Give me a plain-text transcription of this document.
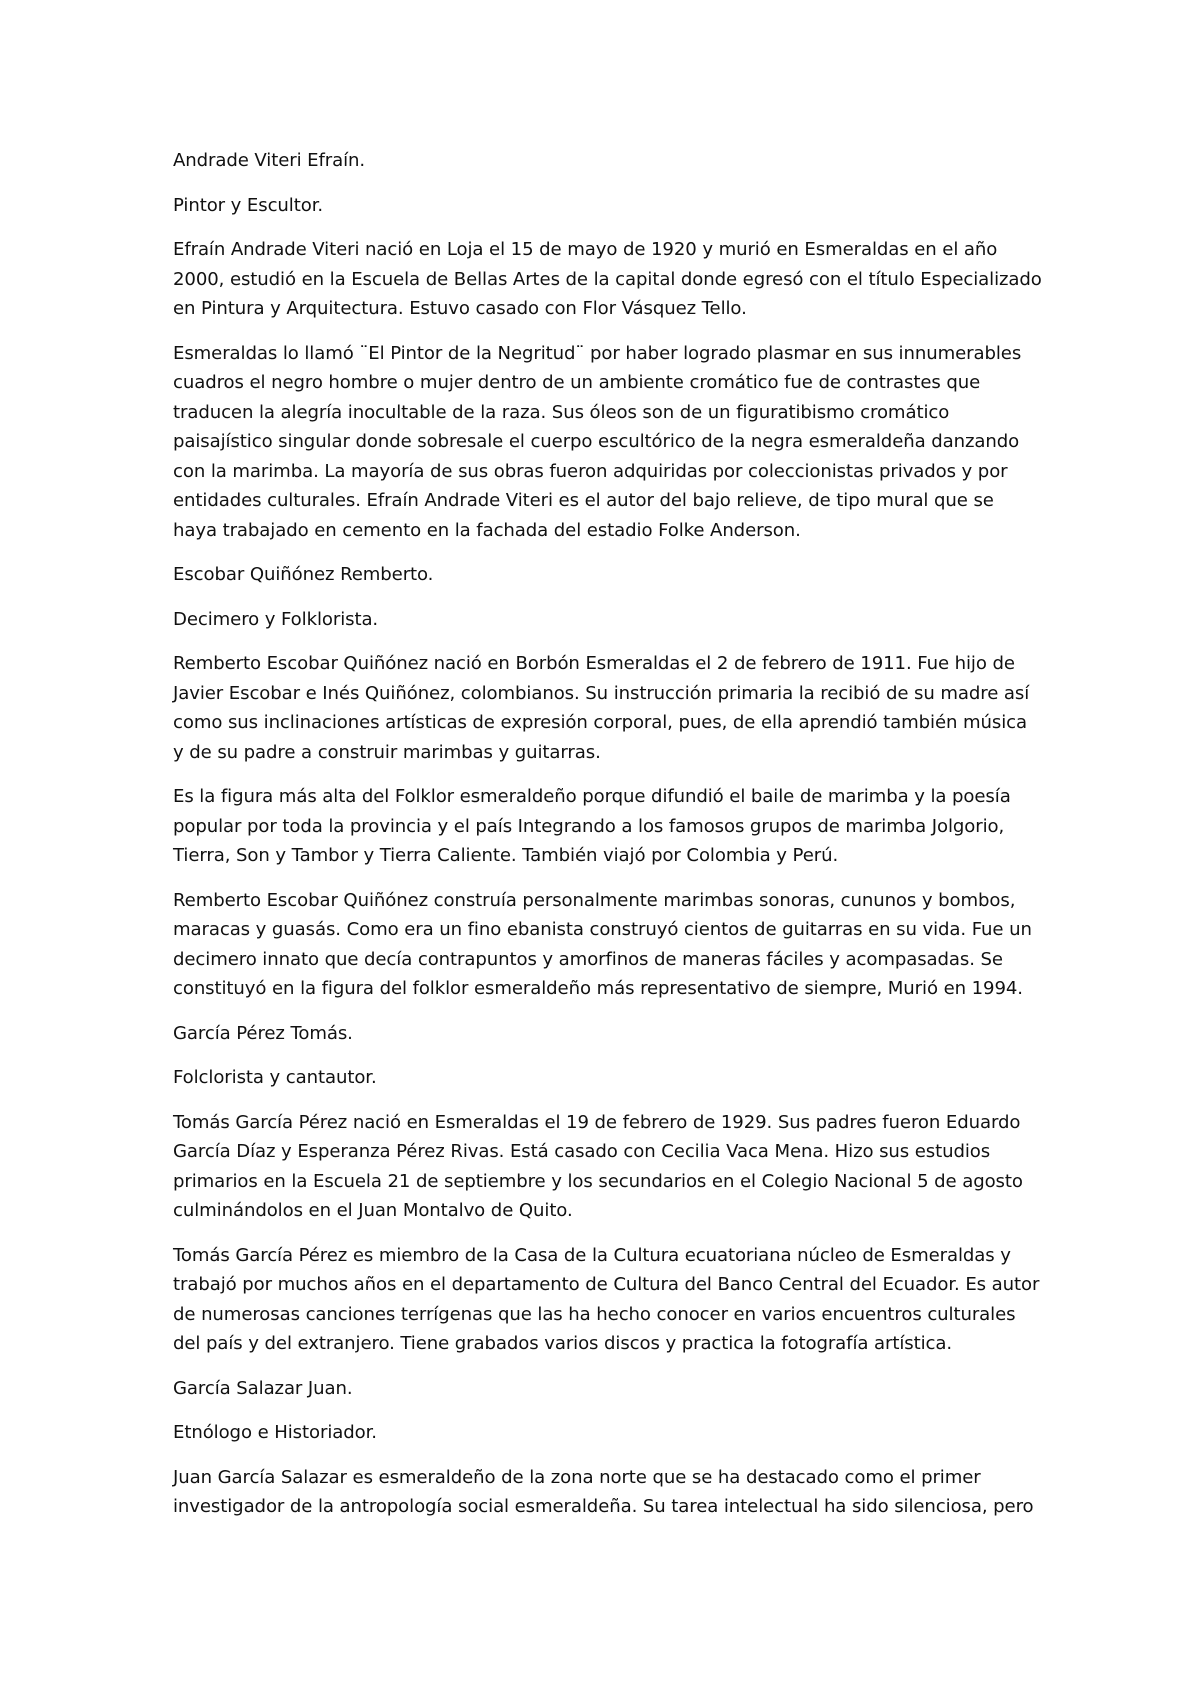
Andrade Viteri Efraín.

Pintor y Escultor.

Efraín Andrade Viteri nació en Loja el 15 de mayo de 1920 y murió en Esmeraldas en el año 2000, estudió en la Escuela de Bellas Artes de la capital donde egresó con el título Especializado en Pintura y Arquitectura. Estuvo casado con Flor Vásquez Tello.

Esmeraldas lo llamó ¨El Pintor de la Negritud¨ por haber logrado plasmar en sus innumerables cuadros el negro hombre o mujer dentro de un ambiente cromático fue de contrastes que traducen la alegría inocultable de la raza. Sus óleos son de un figuratibismo cromático paisajístico singular donde sobresale el cuerpo escultórico de la negra esmeraldeña danzando con la marimba. La mayoría de sus obras fueron adquiridas por coleccionistas privados y por entidades culturales. Efraín Andrade Viteri es el autor del bajo relieve, de tipo mural que se haya trabajado en cemento en la fachada del estadio Folke Anderson.

Escobar Quiñónez Remberto.

Decimero y Folklorista.

Remberto Escobar Quiñónez nació en Borbón Esmeraldas el 2 de febrero de 1911. Fue hijo de Javier Escobar e Inés Quiñónez, colombianos. Su instrucción primaria la recibió de su madre así como sus inclinaciones artísticas de expresión corporal, pues, de ella aprendió también música y de su padre a construir marimbas y guitarras.

Es la figura más alta del Folklor esmeraldeño porque difundió el baile de marimba y la poesía popular por toda la provincia y el país Integrando a los famosos grupos de marimba Jolgorio, Tierra, Son y Tambor y Tierra Caliente. También viajó por Colombia y Perú.

Remberto Escobar Quiñónez construía personalmente marimbas sonoras, cununos y bombos, maracas y guasás. Como era un fino ebanista construyó cientos de guitarras en su vida. Fue un decimero innato que decía contrapuntos y amorfinos de maneras fáciles y acompasadas. Se constituyó en la figura del folklor esmeraldeño más representativo de siempre, Murió en 1994.

García Pérez Tomás.

Folclorista y cantautor.

Tomás García Pérez nació en Esmeraldas el 19 de febrero de 1929. Sus padres fueron Eduardo García Díaz y Esperanza Pérez Rivas. Está casado con Cecilia Vaca Mena. Hizo sus estudios primarios en la Escuela 21 de septiembre y los secundarios en el Colegio Nacional 5 de agosto culminándolos en el Juan Montalvo de Quito.

Tomás García Pérez es miembro de la Casa de la Cultura ecuatoriana núcleo de Esmeraldas y trabajó por muchos años en el departamento de Cultura del Banco Central del Ecuador. Es autor de numerosas canciones terrígenas que las ha hecho conocer en varios encuentros culturales del país y del extranjero. Tiene grabados varios discos y practica la fotografía artística.

García Salazar Juan.

Etnólogo e Historiador.

Juan García Salazar es esmeraldeño de la zona norte que se ha destacado como el primer investigador de la antropología social esmeraldeña. Su tarea intelectual ha sido silenciosa, pero
